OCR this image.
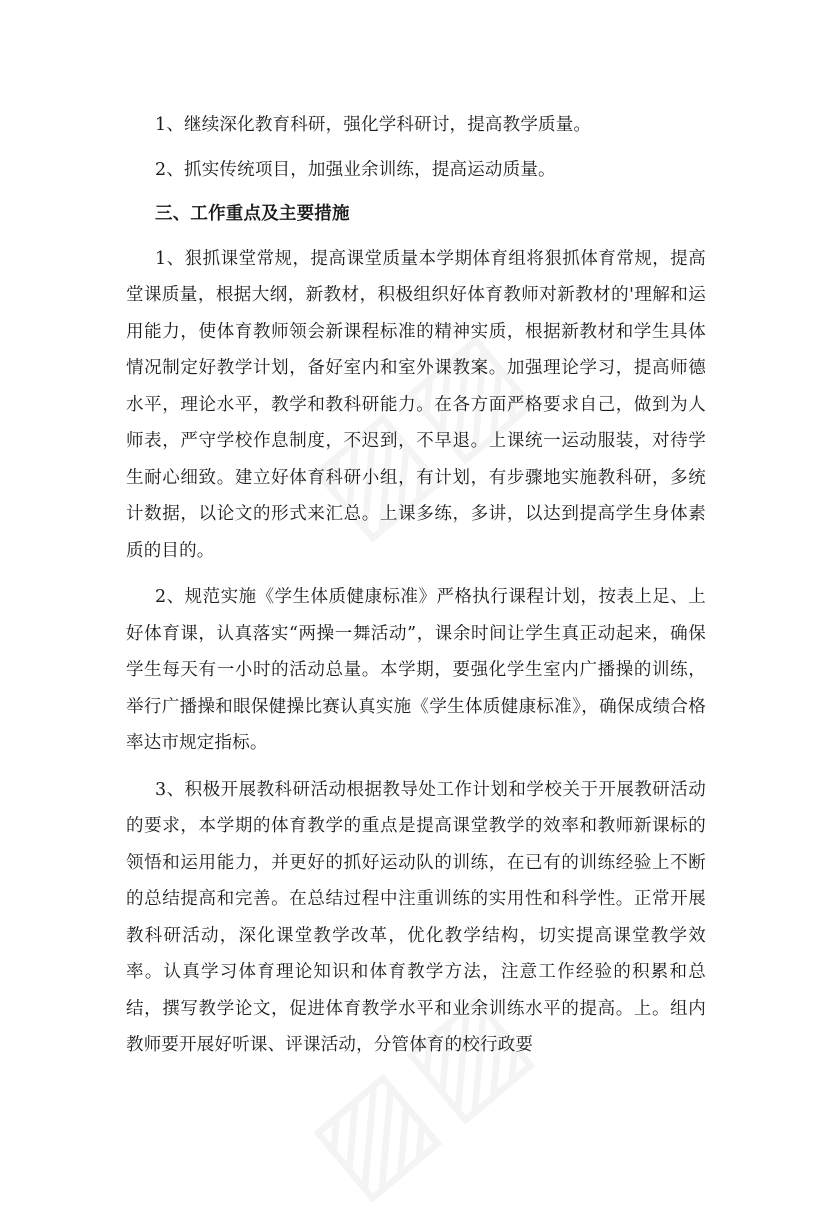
1、继续深化教育科研，强化学科研讨，提高教学质量。

2、抓实传统项目，加强业余训练，提高运动质量。

三、工作重点及主要措施

1、狠抓课堂常规，提高课堂质量本学期体育组将狠抓体育常规，提高堂课质量，根据大纲，新教材，积极组织好体育教师对新教材的'理解和运用能力，使体育教师领会新课程标准的精神实质，根据新教材和学生具体情况制定好教学计划，备好室内和室外课教案。加强理论学习，提高师德水平，理论水平，教学和教科研能力。在各方面严格要求自己，做到为人师表，严守学校作息制度，不迟到，不早退。上课统一运动服装，对待学生耐心细致。建立好体育科研小组，有计划，有步骤地实施教科研，多统计数据，以论文的形式来汇总。上课多练，多讲，以达到提高学生身体素质的目的。

2、规范实施《学生体质健康标准》严格执行课程计划，按表上足、上好体育课，认真落实“两操一舞活动”，课余时间让学生真正动起来，确保学生每天有一小时的活动总量。本学期，要强化学生室内广播操的训练，举行广播操和眼保健操比赛认真实施《学生体质健康标准》，确保成绩合格率达市规定指标。

3、积极开展教科研活动根据教导处工作计划和学校关于开展教研活动的要求，本学期的体育教学的重点是提高课堂教学的效率和教师新课标的领悟和运用能力，并更好的抓好运动队的训练，在已有的训练经验上不断的总结提高和完善。在总结过程中注重训练的实用性和科学性。正常开展教科研活动，深化课堂教学改革，优化教学结构，切实提高课堂教学效率。认真学习体育理论知识和体育教学方法，注意工作经验的积累和总结，撰写教学论文，促进体育教学水平和业余训练水平的提高。上。组内教师要开展好听课、评课活动，分管体育的校行政要
